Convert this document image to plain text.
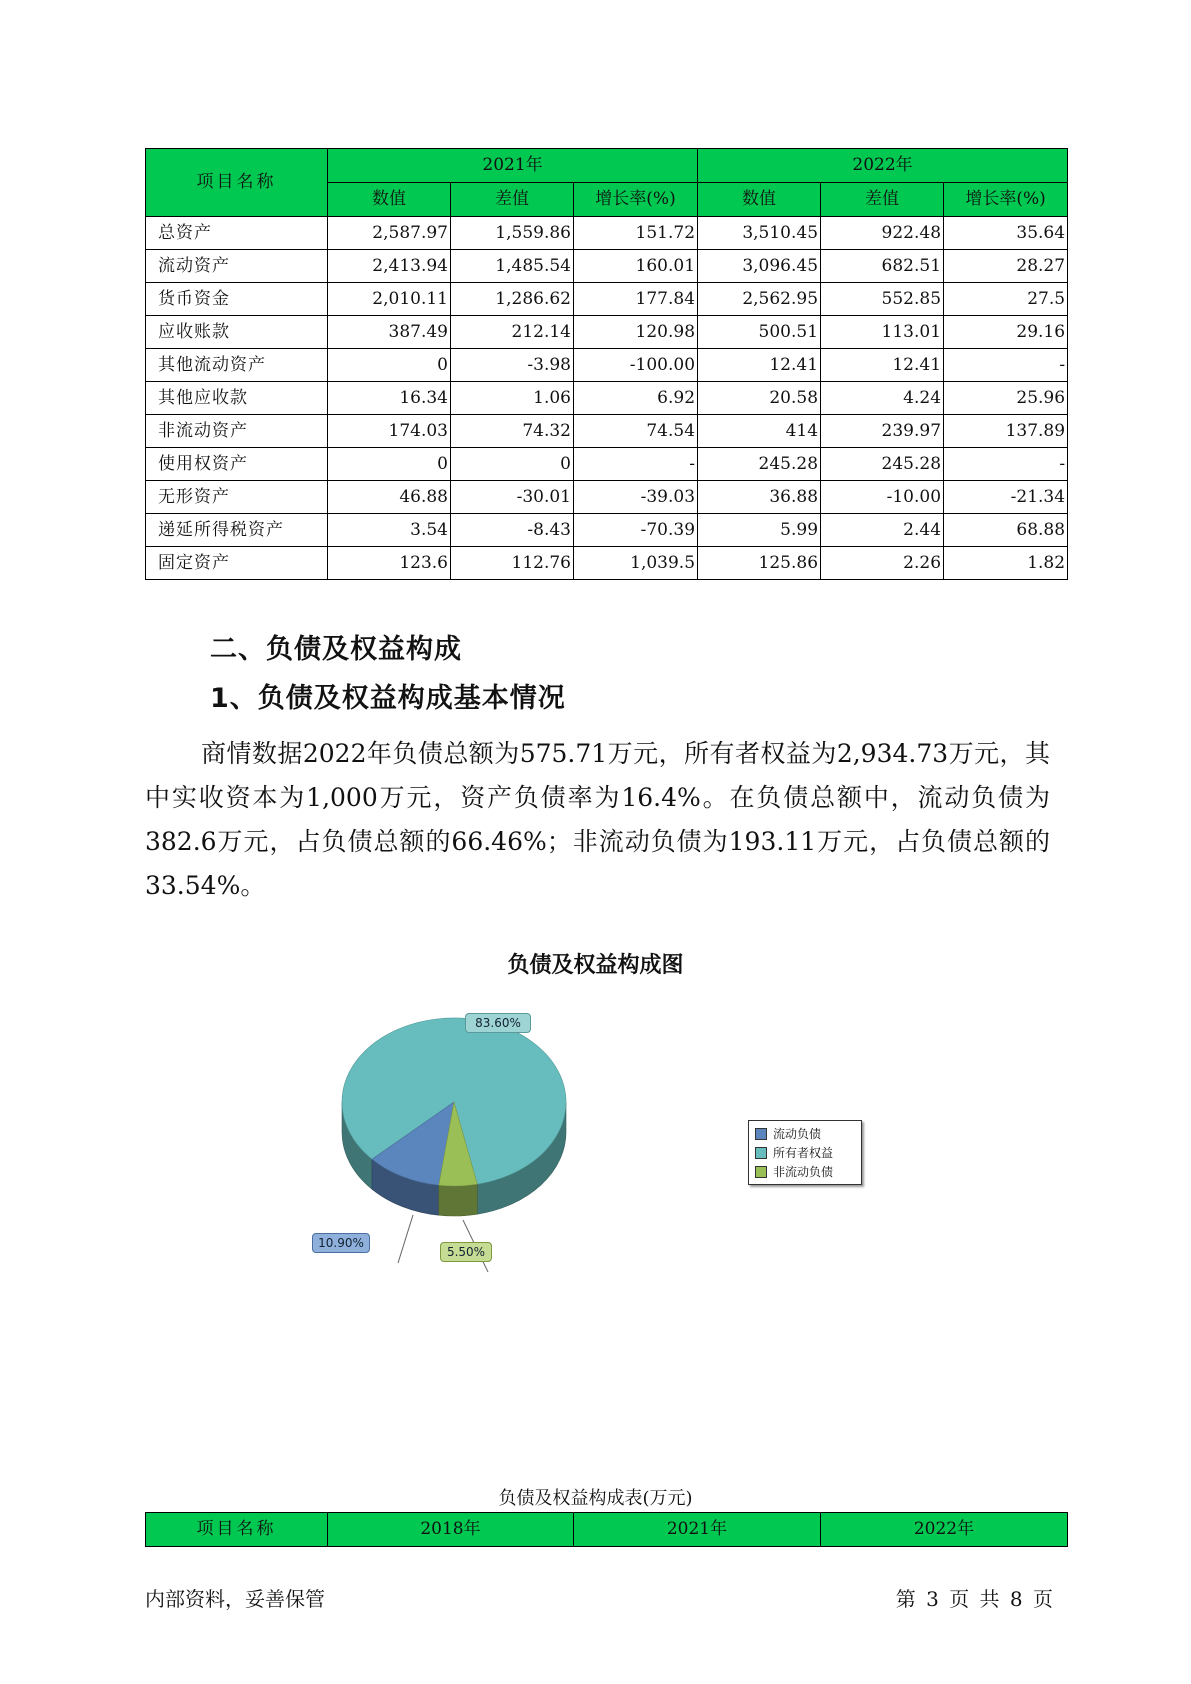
项目名称	2021年			2022年		
	数值	差值	增长率(%)	数值	差值	增长率(%)
总资产	2,587.97	1,559.86	151.72	3,510.45	922.48	35.64
流动资产	2,413.94	1,485.54	160.01	3,096.45	682.51	28.27
货币资金	2,010.11	1,286.62	177.84	2,562.95	552.85	27.5
应收账款	387.49	212.14	120.98	500.51	113.01	29.16
其他流动资产	0	-3.98	-100.00	12.41	12.41	-
其他应收款	16.34	1.06	6.92	20.58	4.24	25.96
非流动资产	174.03	74.32	74.54	414	239.97	137.89
使用权资产	0	0	-	245.28	245.28	-
无形资产	46.88	-30.01	-39.03	36.88	-10.00	-21.34
递延所得税资产	3.54	-8.43	-70.39	5.99	2.44	68.88
固定资产	123.6	112.76	1,039.5	125.86	2.26	1.82
二、负债及权益构成
1、负债及权益构成基本情况

商情数据2022年负债总额为575.71万元，所有者权益为2,934.73万元，其中实收资本为1,000万元，资产负债率为16.4%。在负债总额中，流动负债为382.6万元，占负债总额的66.46%；非流动负债为193.11万元，占负债总额的33.54%。

负债及权益构成图
83.60%
10.90%
5.50%
流动负债
所有者权益
非流动负债
负债及权益构成表(万元)
项目名称	2018年	2021年	2022年
内部资料，妥善保管	第 3 页 共 8 页
